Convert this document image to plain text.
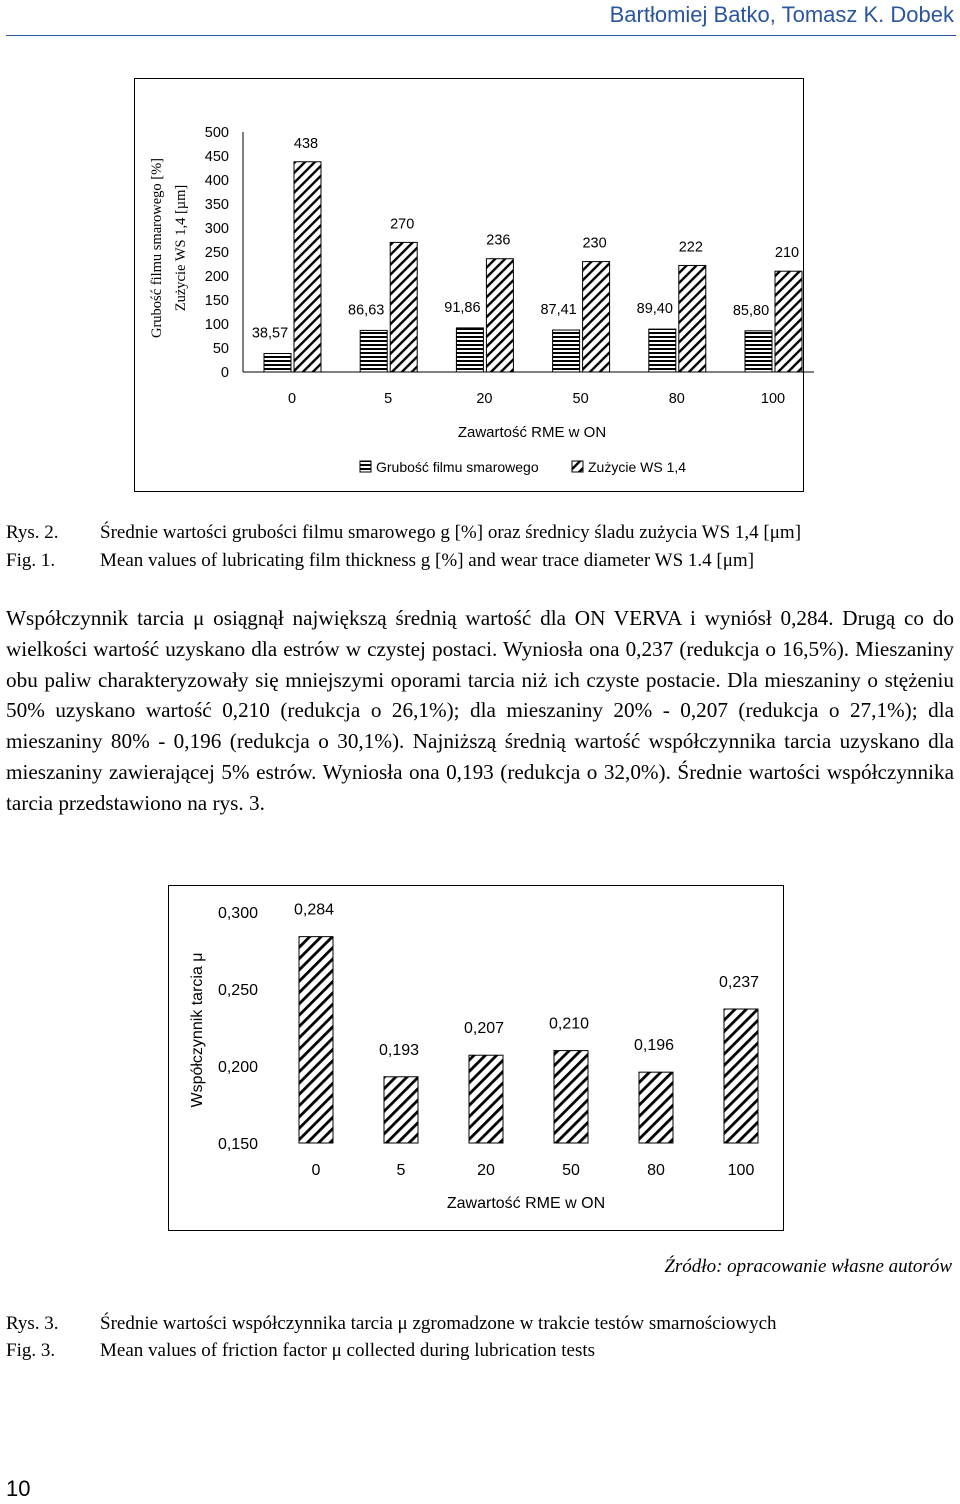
Bartłomiej Batko, Tomasz K. Dobek
Grubość filmu smarowego [%] Zużycie WS 1,4 [µm]
500
450
400
350
300
250
200
150
100
50
0
38,57
438
86,63
270
91,86
236
87,41
230
89,40
222
85,80
210
0	5	20	50	80	100
Zawartość RME w ON
Grubość filmu smarowego	Zużycie WS 1,4
Rys. 2. Średnie wartości grubości filmu smarowego g [%] oraz średnicy śladu zużycia WS 1,4 [μm]
Fig. 1. Mean values of lubricating film thickness g [%] and wear trace diameter WS 1.4 [μm]
Współczynnik tarcia μ osiągnął największą średnią wartość dla ON VERVA i wyniósł 0,284. Drugą co do wielkości wartość uzyskano dla estrów w czystej postaci. Wyniosła ona 0,237 (redukcja o 16,5%). Mieszaniny obu paliw charakteryzowały się mniejszymi oporami tarcia niż ich czyste postacie. Dla mieszaniny o stężeniu 50% uzyskano wartość 0,210 (redukcja o 26,1%); dla mieszaniny 20% - 0,207 (redukcja o 27,1%); dla mieszaniny 80% - 0,196 (redukcja o 30,1%). Najniższą średnią wartość współczynnika tarcia uzyskano dla mieszaniny zawierającej 5% estrów. Wyniosła ona 0,193 (redukcja o 32,0%). Średnie wartości współczynnika tarcia przedstawiono na rys. 3.
Współczynnik tarcia μ
0,300
0,250
0,200
0,150
0,284
0,193
0,207	0,210
0,196
0,237
0	5	20	50	80	100
Zawartość RME w ON
Źródło: opracowanie własne autorów
Rys. 3. Średnie wartości współczynnika tarcia μ zgromadzone w trakcie testów smarnościowych
Fig. 3. Mean values of friction factor μ collected during lubrication tests
10
